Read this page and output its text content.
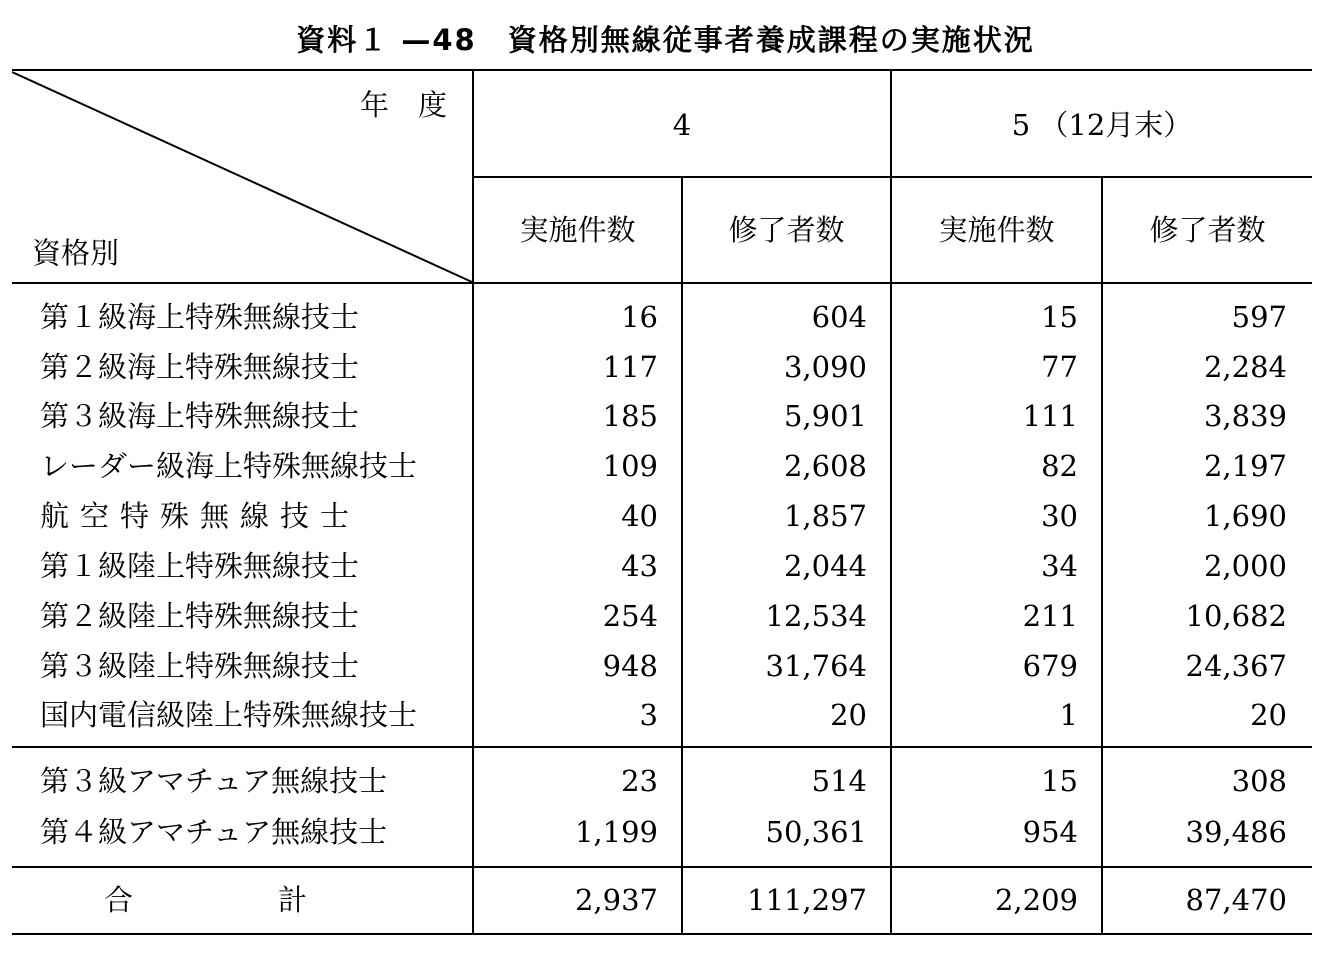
資料１ —48　資格別無線従事者養成課程の実施状況
年　度
資格別
4	5 （12月末）
実施件数	修了者数	実施件数	修了者数
第１級海上特殊無線技士	16	604	15	597
第２級海上特殊無線技士	117	3,090	77	2,284
第３級海上特殊無線技士	185	5,901	111	3,839
レーダー級海上特殊無線技士	109	2,608	82	2,197
航空特殊無線技士	40	1,857	30	1,690
第１級陸上特殊無線技士	43	2,044	34	2,000
第２級陸上特殊無線技士	254	12,534	211	10,682
第３級陸上特殊無線技士	948	31,764	679	24,367
国内電信級陸上特殊無線技士	3	20	1	20
第３級アマチュア無線技士	23	514	15	308
第４級アマチュア無線技士	1,199	50,361	954	39,486
合　　　　　計	2,937	111,297	2,209	87,470
